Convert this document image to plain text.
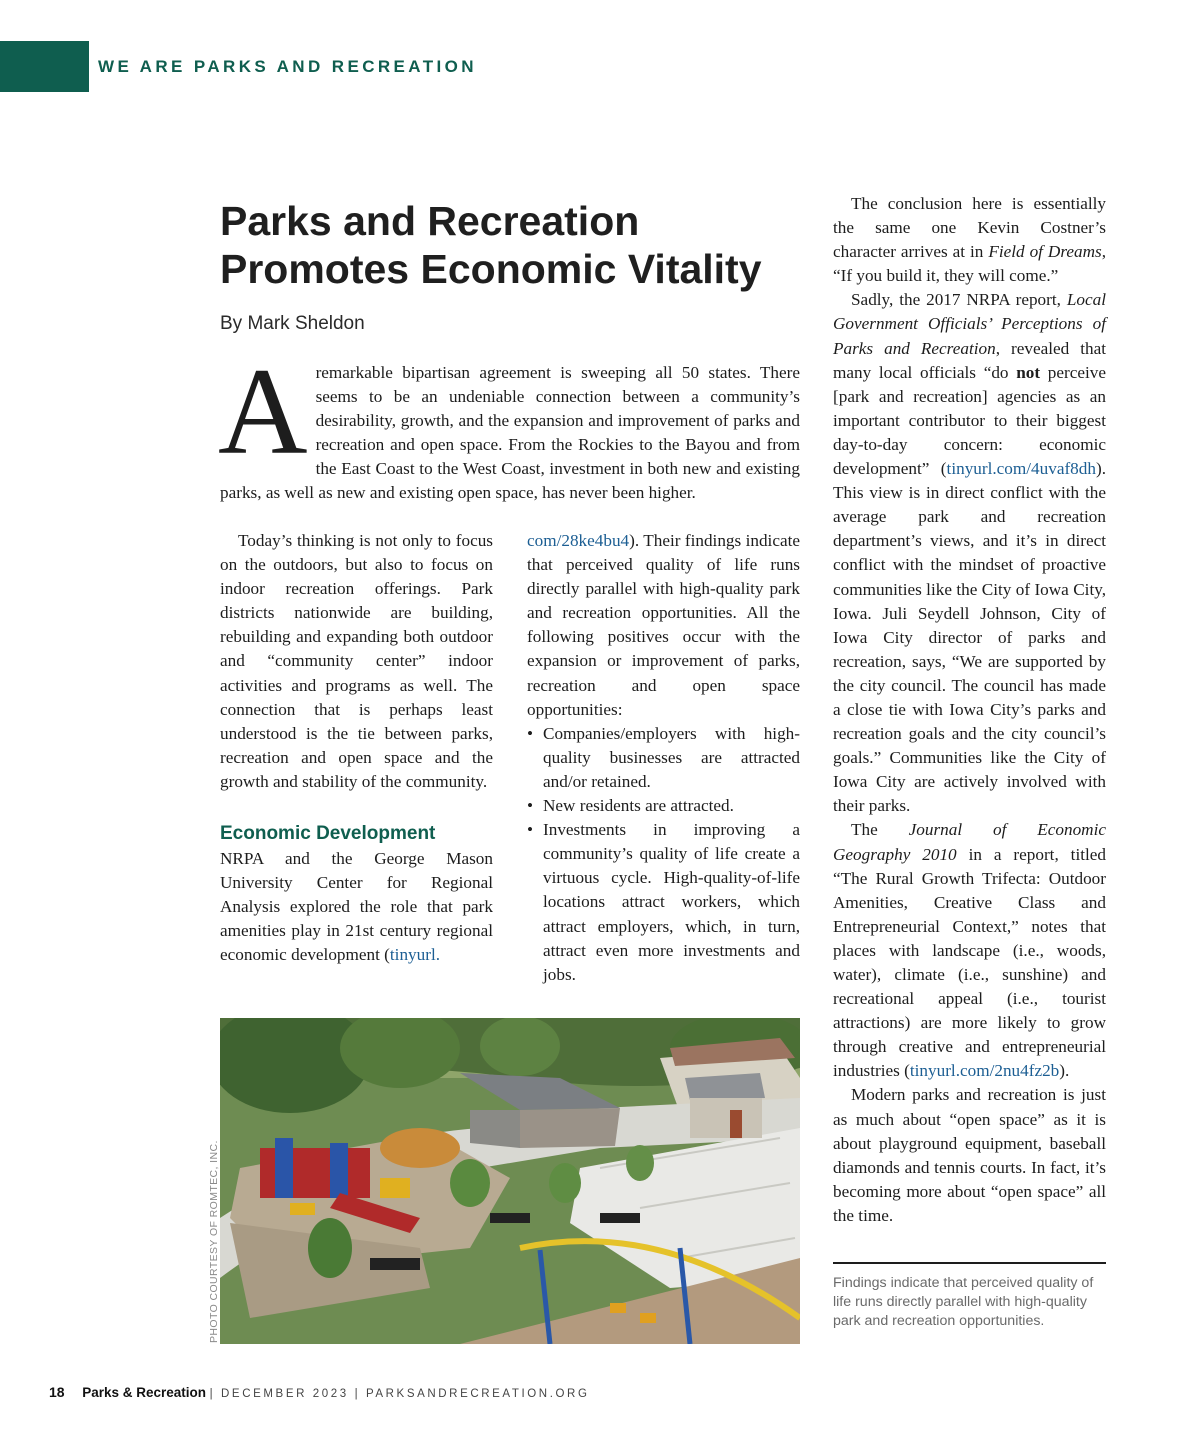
WE ARE PARKS AND RECREATION
Parks and Recreation
Promotes Economic Vitality
By Mark Sheldon
A remarkable bipartisan agreement is sweeping all 50 states. There seems to be an undeniable connection between a community’s desirability, growth, and the expansion and improvement of parks and recreation and open space. From the Rockies to the Bayou and from the East Coast to the West Coast, investment in both new and existing parks, as well as new and existing open space, has never been higher.

Today’s thinking is not only to focus on the outdoors, but also to focus on indoor recreation offerings. Park districts nationwide are building, rebuilding and expanding both outdoor and “community center” indoor activities and programs as well. The connection that is perhaps least understood is the tie between parks, recreation and open space and the growth and stability of the community.

Economic Development

NRPA and the George Mason University Center for Regional Analysis explored the role that park amenities play in 21st century regional economic development (tinyurl.

com/28ke4bu4). Their findings indicate that perceived quality of life runs directly parallel with high-quality park and recreation opportunities. All the following positives occur with the expansion or improvement of parks, recreation and open space opportunities:

• Companies/employers with high-quality businesses are attracted and/or retained.
• New residents are attracted.
• Investments in improving a community’s quality of life create a virtuous cycle. High-quality-of-life locations attract workers, which attract employers, which, in turn, attract even more investments and jobs.

The conclusion here is essentially the same one Kevin Costner’s character arrives at in Field of Dreams, “If you build it, they will come.”

Sadly, the 2017 NRPA report, Local Government Officials’ Perceptions of Parks and Recreation, revealed that many local officials “do not perceive [park and recreation] agencies as an important contributor to their biggest day-to-day concern: economic development” (tinyurl.com/4uvaf8dh). This view is in direct conflict with the average park and recreation department’s views, and it’s in direct conflict with the mindset of proactive communities like the City of Iowa City, Iowa. Juli Seydell Johnson, City of Iowa City director of parks and recreation, says, “We are supported by the city council. The council has made a close tie with Iowa City’s parks and recreation goals and the city council’s goals.” Communities like the City of Iowa City are actively involved with their parks.

The Journal of Economic Geography 2010 in a report, titled “The Rural Growth Trifecta: Outdoor Amenities, Creative Class and Entrepreneurial Context,” notes that places with landscape (i.e., woods, water), climate (i.e., sunshine) and recreational appeal (i.e., tourist attractions) are more likely to grow through creative and entrepreneurial industries (tinyurl.com/2nu4fz2b).

Modern parks and recreation is just as much about “open space” as it is about playground equipment, baseball diamonds and tennis courts. In fact, it’s becoming more about “open space” all the time.

Findings indicate that perceived quality of life runs directly parallel with high-quality park and recreation opportunities.
PHOTO COURTESY OF ROMTEC, INC.
18 Parks & Recreation | DECEMBER 2023 | PARKSANDRECREATION.ORG
